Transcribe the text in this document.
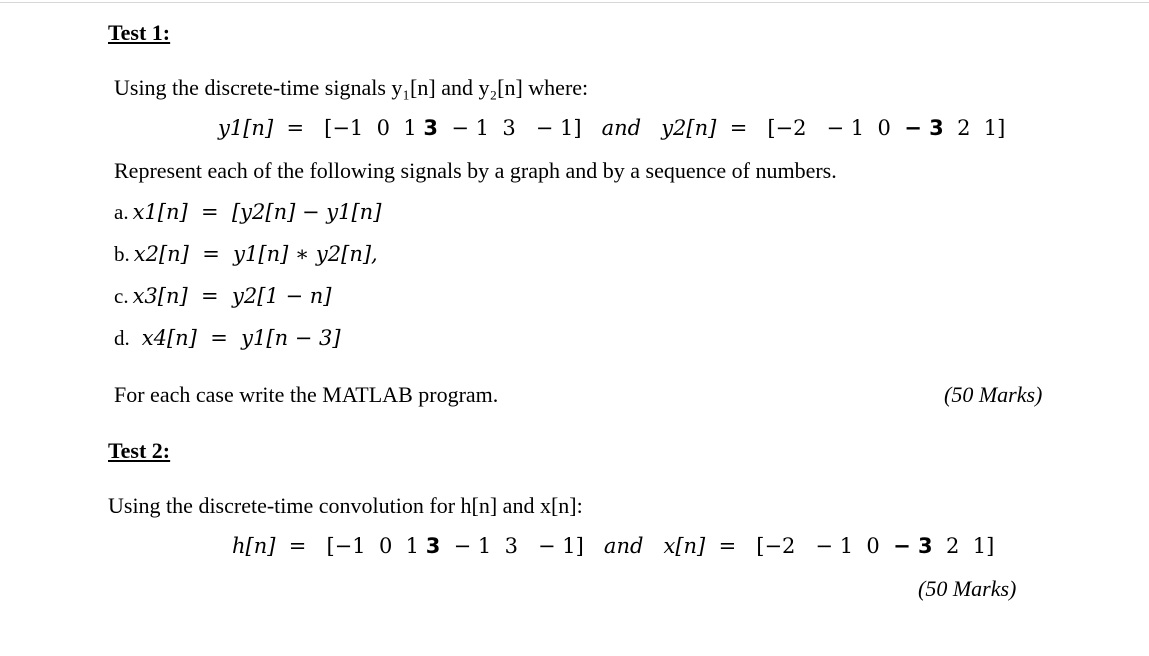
Test 1:
Using the discrete-time signals y₁[n] and y₂[n] where:
y1[n]  =   [−1  0  1 3  − 1  3   − 1] and y2[n]  =   [−2   − 1  0  − 3  2  1]
Represent each of the following signals by a graph and by a sequence of numbers.
a. x1[n]  =  [y2[n] − y1[n]
b. x2[n]  =  y1[n] ∗ y2[n],
c. x3[n]  =  y2[1 − n]
d. x4[n]  =  y1[n − 3]
For each case write the MATLAB program.	(50 Marks)
Test 2:
Using the discrete-time convolution for h[n] and x[n]:
h[n]  =   [−1  0  1 3  − 1  3   − 1] and x[n]  =   [−2   − 1  0  − 3  2  1]
(50 Marks)
